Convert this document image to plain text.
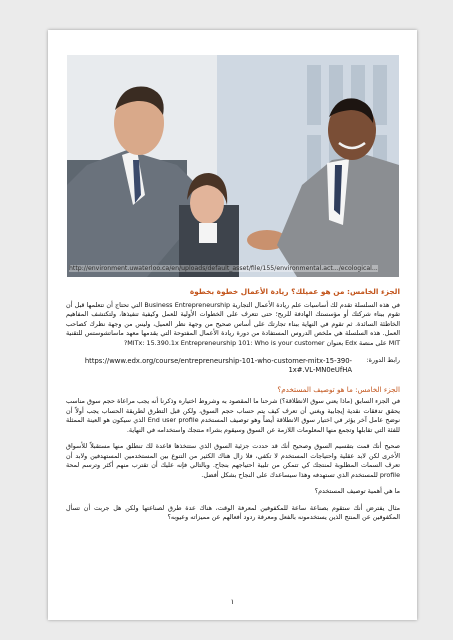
http://environment.uwaterloo.ca/en/uploads/default_asset/file/155/environmental.act.../ecological...
الجزء الخامس: من هو عميلك؟ ريادة الأعمال خطوة بخطوة
في هذه السلسلة تقدم لك أساسيات علم ريادة الأعمال التجارية Business Entrepreneurship التي تحتاج أن تتعلمها قبل أن تقوم ببناء شركتك أو مؤسستك الهادفة للربح؛ حتى تتعرف على الخطوات الأولية للعمل وكيفية تنفيذها، ولتكتشف المفاهيم الخاطئة السائدة. ثم تقوم في النهاية ببناء تجارتك على أساس صحيح من وجهة نظر العميل، وليس من وجهة نظرك كصاحب العمل. هذه السلسلة هي ملخص الدروس المستفادة من دورة ريادة الأعمال المفتوحة التي يقدمها معهد ماساتشوستس للتقنية MIT على منصة Edx بعنوان MITx: 15.390.1x Entrepreneurship 101: Who is your customer?
رابط الدورة:
https://www.edx.org/course/entrepreneurship-101-who-customer-mitx-15-390-1x#.VL-MN0eUfHA
الجزء الخامس: ما هو توصيف المستخدم؟
في الجزء السابق (ماذا يعني سوق الانطلاقة؟) شرحنا ما المقصود به وشروط اختياره وذكرنا أنه يجب مراعاة حجم سوق مناسب يحقق تدفقات نقدية إيجابية ويغني أن تعرف كيف يتم حساب حجم السوق، ولكن قبل التطرق لطريقة الحساب يجب أولاً أن نوضح عامل آخر يؤثر في اختيار سوق الانطلاقة أيضاً وهو توصيف المستخدم End user profile الذي سيكون هو العينة الممثلة للفئة التي تقابلها وتجمع منها المعلومات اللازمة عن السوق وسيقوم بشراء منتجك واستخدامه في النهاية.
صحيح أنك قمت بتقسيم السوق وصحيح أنك قد حددت جزئية السوق الذي ستتخذها قاعدة لك تنطلق منها مستقبلاً للأسواق الأخرى لكن لابد عقلية واحتياجات المستخدم لا تكفي، فلا زال هناك الكثير من التنوع بين المستخدمين المستهدفين ولابد أن تعرف السمات المطلوبة لمنتجك كي تتمكن من تلبية احتياجهم بنجاح. وبالتالي فإنه عليك أن تقترب منهم أكثر وترسم لمحة profile للمستخدم الذي تستهدفه وهذا سيساعدك على النجاح بشكل أفضل.
ما هي أهمية توصيف المستخدم؟
مثال يفترض أنك ستقوم بصناعة ساعة للمكفوفين لمعرفة الوقت، هناك عدة طرق لصناعتها ولكن هل جربت أن تسأل المكفوفين عن المنتج الذين يستخدمونه بالفعل ومعرفة ردود أفعالهم عن مميزاته وعيوبه؟
١
